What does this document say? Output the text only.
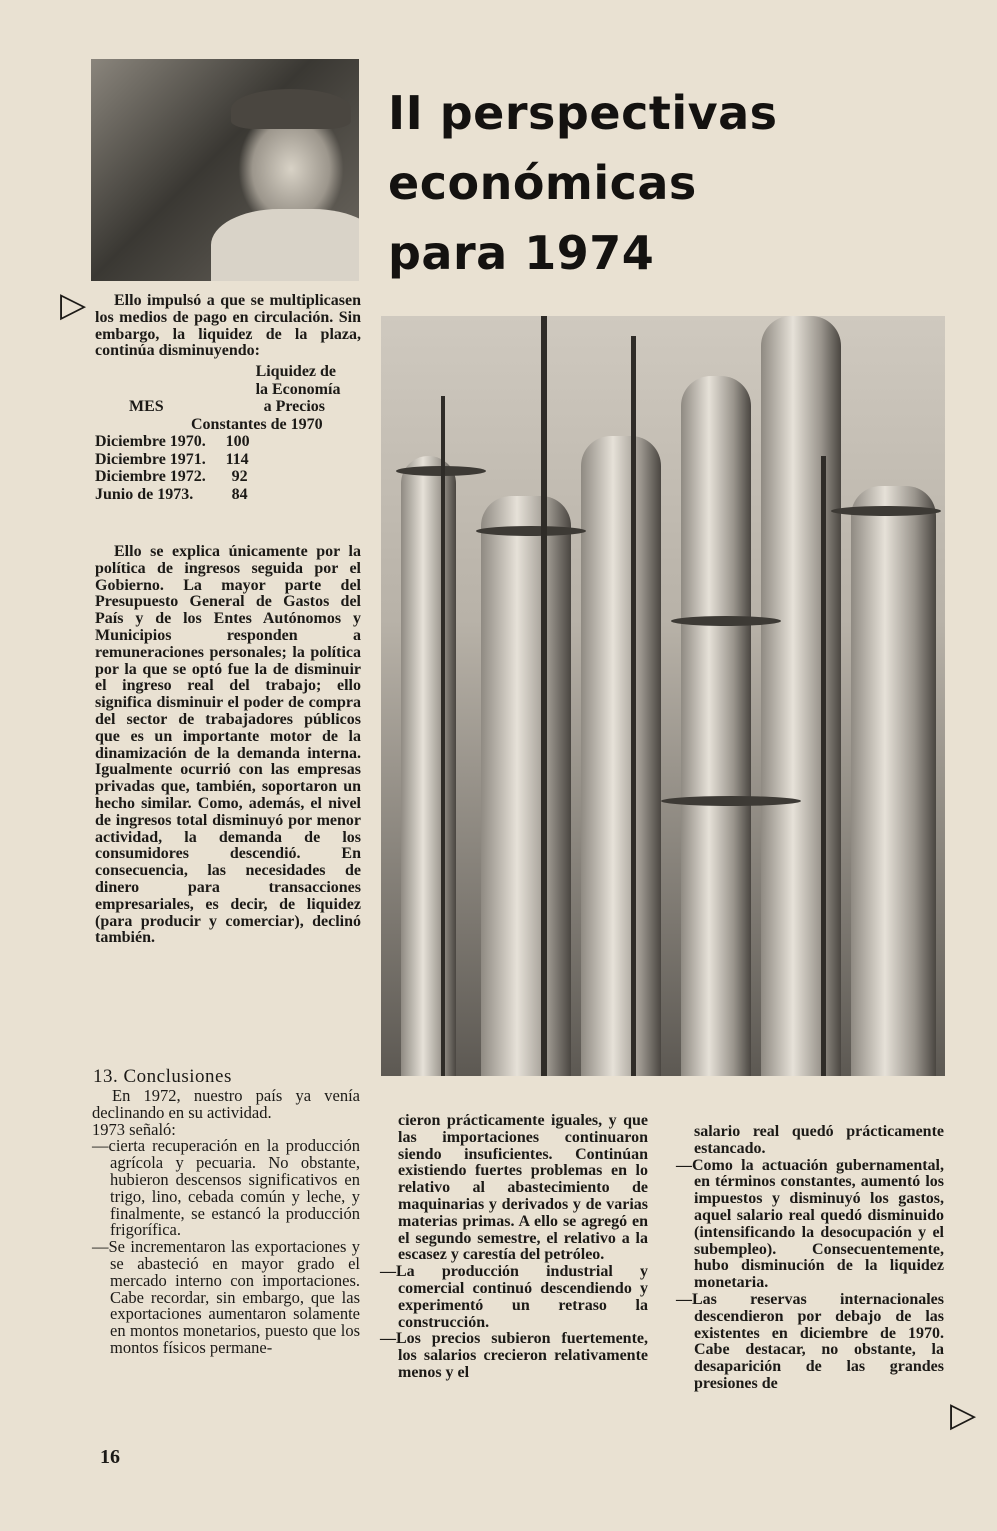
II perspectivas
económicas
para 1974
▷	Ello impulsó a que se multiplicasen los medios de pago en circulación. Sin embargo, la liquidez de la plaza, continúa disminuyendo:

	Liquidez de
	la Economía
MES	a Precios
Constantes de 1970	
Diciembre 1970.	100
Diciembre 1971.	114
Diciembre 1972.	92
Junio de 1973.	84

Ello se explica únicamente por la política de ingresos seguida por el Gobierno. La mayor parte del Presupuesto General de Gastos del País y de los Entes Autónomos y Municipios responden a remuneraciones personales; la política por la que se optó fue la de disminuir el ingreso real del trabajo; ello significa disminuir el poder de compra del sector de trabajadores públicos que es un importante motor de la dinamización de la demanda interna. Igualmente ocurrió con las empresas privadas que, también, soportaron un hecho similar. Como, además, el nivel de ingresos total disminuyó por menor actividad, la demanda de los consumidores descendió. En consecuencia, las necesidades de dinero para transacciones empresariales, es decir, de liquidez (para producir y comerciar), declinó también.

13. Conclusiones

En 1972, nuestro país ya venía declinando en su actividad.

1973 señaló:

—cierta recuperación en la producción agrícola y pecuaria. No obstante, hubieron descensos significativos en trigo, lino, cebada común y leche, y finalmente, se estancó la producción frigorífica.

—Se incrementaron las exportaciones y se abasteció en mayor grado el mercado interno con importaciones. Cabe recordar, sin embargo, que las exportaciones aumentaron solamente en montos monetarios, puesto que los montos físicos permane-

cieron prácticamente iguales, y que las importaciones continuaron siendo insuficientes. Continúan existiendo fuertes problemas en lo relativo al abastecimiento de maquinarias y derivados y de varias materias primas. A ello se agregó en el segundo semestre, el relativo a la escasez y carestía del petróleo.

—La producción industrial y comercial continuó descendiendo y experimentó un retraso la construcción.

—Los precios subieron fuertemente, los salarios crecieron relativamente menos y el

salario real quedó prácticamente estancado.

—Como la actuación gubernamental, en términos constantes, aumentó los impuestos y disminuyó los gastos, aquel salario real quedó disminuido (intensificando la desocupación y el subempleo). Consecuentemente, hubo disminución de la liquidez monetaria.

—Las reservas internacionales descendieron por debajo de las existentes en diciembre de 1970. Cabe destacar, no obstante, la desaparición de las grandes presiones de

▷
16
